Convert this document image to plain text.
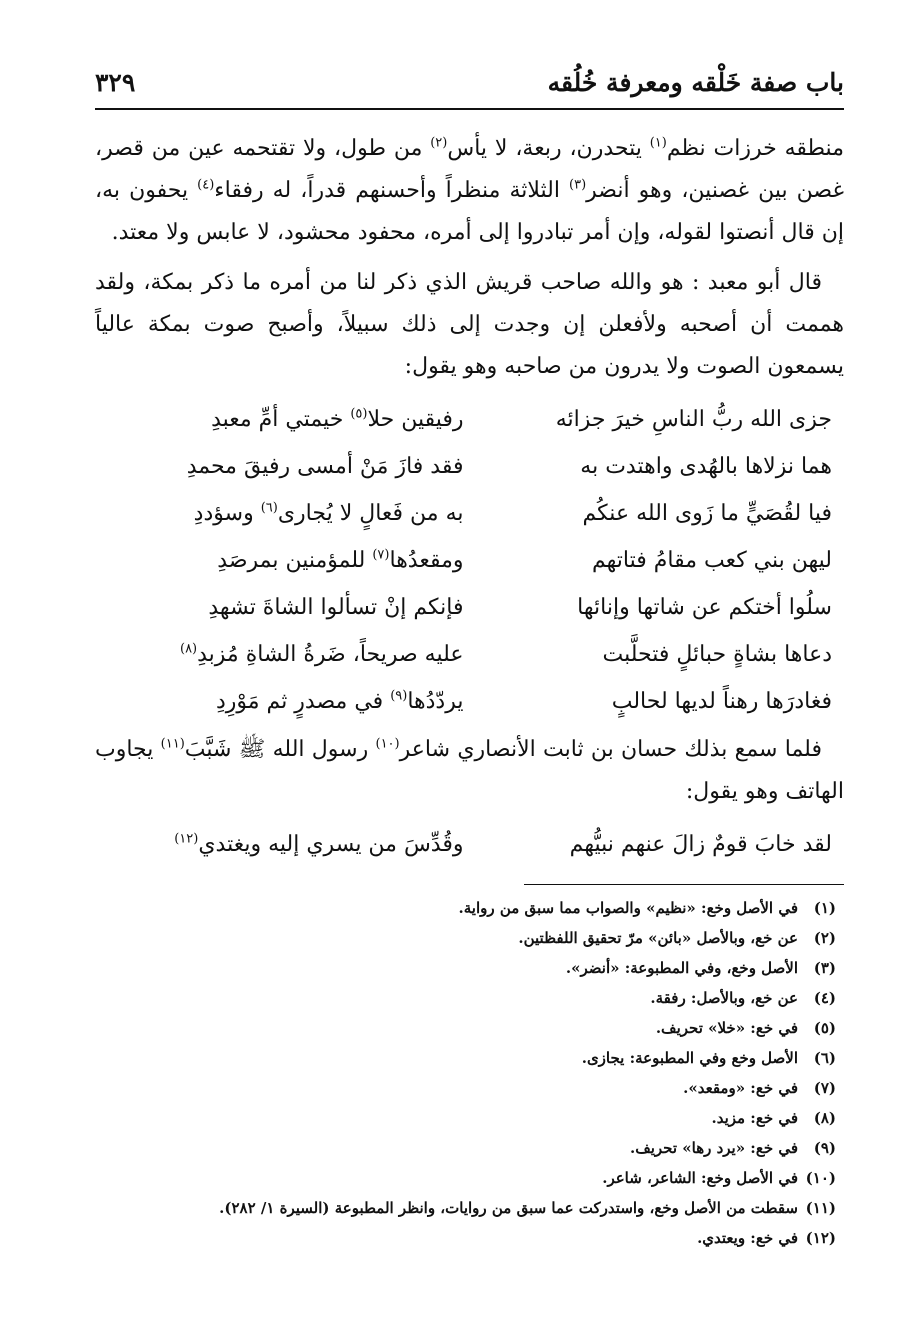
باب صفة خَلْقه ومعرفة خُلُقه
٣٢٩

منطقه خرزات نظم$^{(١)}$ يتحدرن، ربعة، لا يأس$^{(٢)}$ من طول، ولا تقتحمه عين من قصر، غصن بين غصنين، وهو أنضر$^{(٣)}$ الثلاثة منظراً وأحسنهم قدراً، له رفقاء$^{(٤)}$ يحفون به، إن قال أنصتوا لقوله، وإن أمر تبادروا إلى أمره، محفود محشود، لا عابس ولا معتد.

قال أبو معبد : هو والله صاحب قريش الذي ذكر لنا من أمره ما ذكر بمكة، ولقد هممت أن أصحبه ولأفعلن إن وجدت إلى ذلك سبيلاً، وأصبح صوت بمكة عالياً يسمعون الصوت ولا يدرون من صاحبه وهو يقول:

جزى الله ربُّ الناسِ خيرَ جزائه
رفيقين حلا$^{(٥)}$ خيمتي أمِّ معبدِ
هما نزلاها بالهُدى واهتدت به
فقد فازَ مَنْ أمسى رفيقَ محمدِ
فيا لقُصَيٍّ ما زَوى الله عنكُم
به من فَعالٍ لا يُجارى$^{(٦)}$ وسؤددِ
ليهن بني كعب مقامُ فتاتهم
ومقعدُها$^{(٧)}$ للمؤمنين بمرصَدِ
سلُوا أختكم عن شاتها وإنائها
فإنكم إنْ تسألوا الشاةَ تشهدِ
دعاها بشاةٍ حبائلٍ فتحلَّبت
عليه صريحاً، ضَرةُ الشاةِ مُزبدِ$^{(٨)}$
فغادرَها رهناً لديها لحالبٍ
يردّدُها$^{(٩)}$ في مصدرٍ ثم مَوْرِدِ

فلما سمع بذلك حسان بن ثابت الأنصاري شاعر$^{(١٠)}$ رسول الله ﷺ شَبَّبَ$^{(١١)}$ يجاوب الهاتف وهو يقول:

لقد خابَ قومٌ زالَ عنهم نبيُّهم
وقُدِّسَ من يسري إليه ويغتدي$^{(١٢)}$
(١)
في الأصل وخع: «نظيم» والصواب مما سبق من رواية.
(٢)
عن خع، وبالأصل «بائن» مرّ تحقيق اللفظتين.
(٣)
الأصل وخع، وفي المطبوعة: «أنضر».
(٤)
عن خع، وبالأصل: رفقة.
(٥)
في خع: «خلا» تحريف.
(٦)
الأصل وخع وفي المطبوعة: يجازى.
(٧)
في خع: «ومقعد».
(٨)
في خع: مزيد.
(٩)
في خع: «يرد رها» تحريف.
(١٠)
في الأصل وخع: الشاعر، شاعر.
(١١)
سقطت من الأصل وخع، واستدركت عما سبق من روايات، وانظر المطبوعة (السيرة ١/ ٢٨٢).
(١٢)
في خع: ويعتدي.
